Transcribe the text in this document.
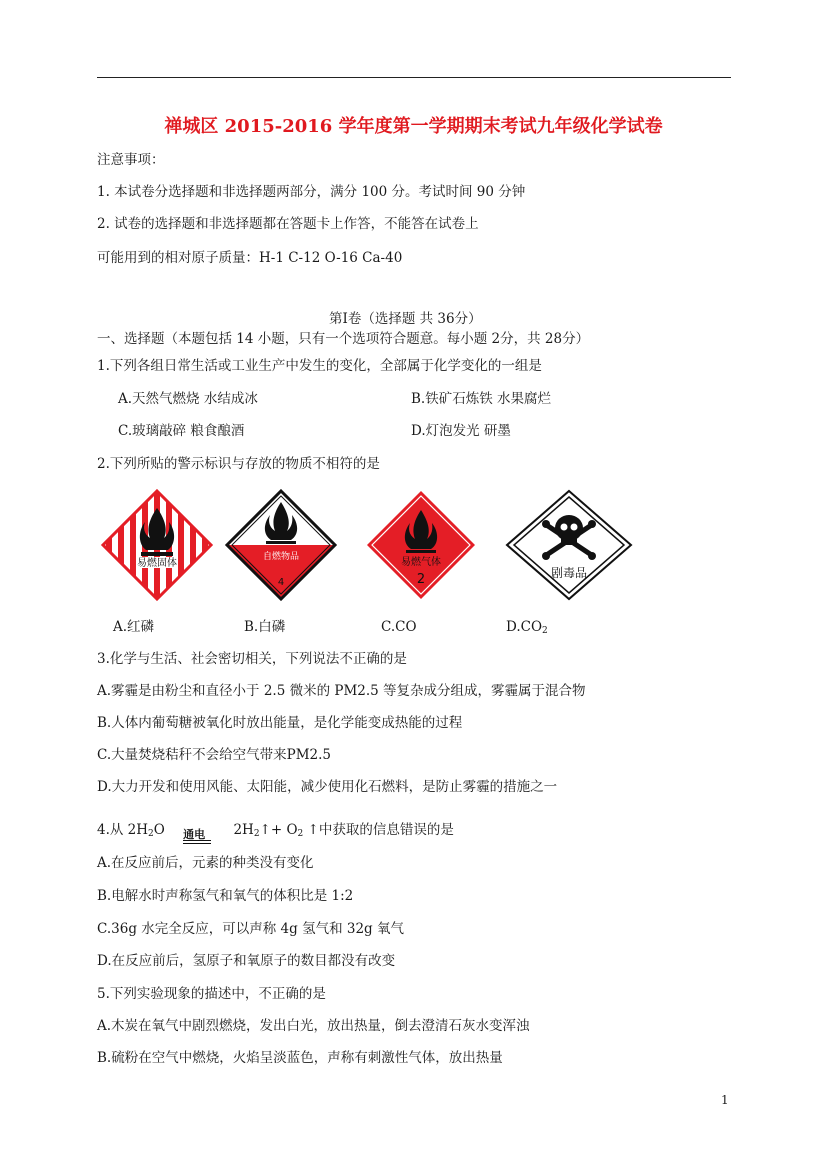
禅城区 2015-2016 学年度第一学期期末考试九年级化学试卷
注意事项：
1. 本试卷分选择题和非选择题两部分，满分 100 分。考试时间 90 分钟
2. 试卷的选择题和非选择题都在答题卡上作答，不能答在试卷上
可能用到的相对原子质量：H-1 C-12 O-16 Ca-40
第Ⅰ卷（选择题 共 36分）
一、选择题（本题包括 14 小题，只有一个选项符合题意。每小题 2分，共 28分）
1.下列各组日常生活或工业生产中发生的变化，全部属于化学变化的一组是
A.天然气燃烧 水结成冰	B.铁矿石炼铁 水果腐烂
C.玻璃敲碎 粮食酿酒	D.灯泡发光 研墨
2.下列所贴的警示标识与存放的物质不相符的是
易燃固体
自燃物品
4
易燃气体
2	剧毒品
A.红磷	B.白磷	C.CO	$D.CO_2$
3.化学与生活、社会密切相关，下列说法不正确的是
A.雾霾是由粉尘和直径小于 2.5 微米的 PM2.5 等复杂成分组成，雾霾属于混合物
B.人体内葡萄糖被氧化时放出能量，是化学能变成热能的过程
C.大量焚烧秸秆不会给空气带来PM2.5
D.大力开发和使用风能、太阳能，减少使用化石燃料，是防止雾霾的措施之一
4.从 $2H_2O$ 通电 $2H_2↑+ O_2$ ↑中获取的信息错误的是
A.在反应前后，元素的种类没有变化
B.电解水时声称氢气和氧气的体积比是 1:2
C.36g 水完全反应，可以声称 4g 氢气和 32g 氧气
D.在反应前后，氢原子和氧原子的数目都没有改变
5.下列实验现象的描述中，不正确的是
A.木炭在氧气中剧烈燃烧，发出白光，放出热量，倒去澄清石灰水变浑浊
B.硫粉在空气中燃烧，火焰呈淡蓝色，声称有刺激性气体，放出热量
1
